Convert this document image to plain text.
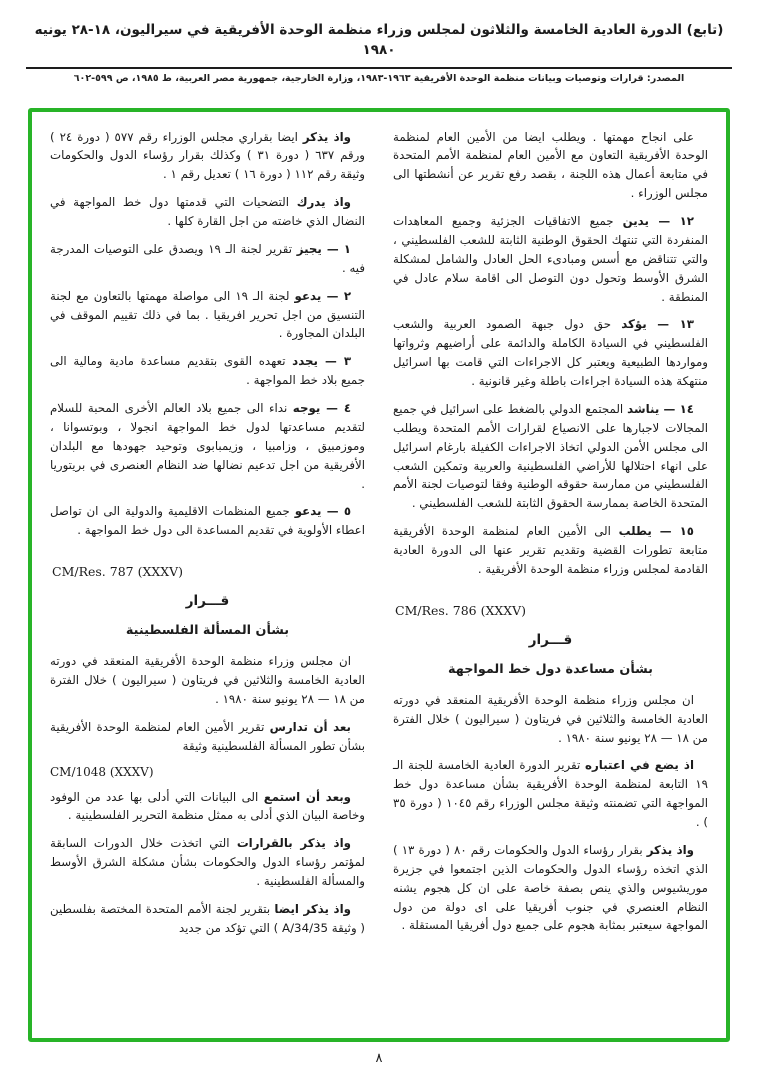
(تابع) الدورة العادية الخامسة والثلاثون لمجلس وزراء منظمة الوحدة الأفريقية في سيراليون، ١٨-٢٨ يونيه ١٩٨٠
المصدر: قرارات وتوصيات وبيانات منظمة الوحدة الأفريقية ١٩٦٣-١٩٨٣، وزارة الخارجية، جمهورية مصر العربية، ط ١٩٨٥، ص ٥٩٩-٦٠٢

على انجاح مهمتها . ويطلب ايضا من الأمين العام لمنظمة الوحدة الأفريقية التعاون مع الأمين العام لمنظمة الأمم المتحدة في متابعة أعمال هذه اللجنة ، بقصد رفع تقرير عن أنشطتها الى مجلس الوزراء .

١٢ — يدين جميع الاتفاقيات الجزئية وجميع المعاهدات المنفردة التي تنتهك الحقوق الوطنية الثابتة للشعب الفلسطيني ، والتي تتناقض مع أسس ومبادىء الحل العادل والشامل لمشكلة الشرق الأوسط وتحول دون التوصل الى اقامة سلام عادل في المنطقة .

١٣ — يؤكد حق دول جبهة الصمود العربية والشعب الفلسطيني في السيادة الكاملة والدائمة على أراضيهم وثرواتها ومواردها الطبيعية ويعتبر كل الاجراءات التي قامت بها اسرائيل منتهكة هذه السيادة اجراءات باطلة وغير قانونية .

١٤ — يناشد المجتمع الدولي بالضغط على اسرائيل في جميع المجالات لاجبارها على الانصياع لقرارات الأمم المتحدة ويطلب الى مجلس الأمن الدولي اتخاذ الاجراءات الكفيلة بارغام اسرائيل على انهاء احتلالها للأراضي الفلسطينية والعربية وتمكين الشعب الفلسطيني من ممارسة حقوقه الوطنية وفقا لتوصيات لجنة الأمم المتحدة الخاصة بممارسة الحقوق الثابتة للشعب الفلسطيني .

١٥ — يطلب الى الأمين العام لمنظمة الوحدة الأفريقية متابعة تطورات القضية وتقديم تقرير عنها الى الدورة العادية القادمة لمجلس وزراء منظمة الوحدة الأفريقية .

CM/Res. 786 (XXXV)

قـــرار
بشأن مساعدة دول خط المواجهة

ان مجلس وزراء منظمة الوحدة الأفريقية المنعقد في دورته العادية الخامسة والثلاثين في فريتاون ( سيراليون ) خلال الفترة من ١٨ — ٢٨ يونيو سنة ١٩٨٠ .

اذ يضع في اعتباره تقرير الدورة العادية الخامسة للجنة الـ ١٩ التابعة لمنظمة الوحدة الأفريقية بشأن مساعدة دول خط المواجهة التي تضمنته وثيقة مجلس الوزراء رقم ١٠٤٥ ( دورة ٣٥ ) .

واذ يذكر بقرار رؤساء الدول والحكومات رقم ٨٠ ( دورة ١٣ ) الذي اتخذه رؤساء الدول والحكومات الذين اجتمعوا في جزيرة موريشيوس والذي ينص بصفة خاصة على ان كل هجوم يشنه النظام العنصري في جنوب أفريقيا على اى دولة من دول المواجهة سيعتبر بمثابة هجوم على جميع دول أفريقيا المستقلة .

واذ يذكر ايضا بقراري مجلس الوزراء رقم ٥٧٧ ( دورة ٢٤ ) ورقم ٦٣٧ ( دورة ٣١ ) وكذلك بقرار رؤساء الدول والحكومات وثيقة رقم ١١٢ ( دورة ١٦ ) تعديل رقم ١ .

واذ يدرك التضحيات التي قدمتها دول خط المواجهة في النضال الذي خاضته من اجل القارة كلها .

١ — يجيز تقرير لجنة الـ ١٩ ويصدق على التوصيات المدرجة فيه .

٢ — يدعو لجنة الـ ١٩ الى مواصلة مهمتها بالتعاون مع لجنة التنسيق من اجل تحرير افريقيا . بما في ذلك تقييم الموقف في البلدان المجاورة .

٣ — يجدد تعهده القوى بتقديم مساعدة مادية ومالية الى جميع بلاد خط المواجهة .

٤ — يوجه نداء الى جميع بلاد العالم الأخرى المحبة للسلام لتقديم مساعدتها لدول خط المواجهة انجولا ، وبوتسوانا ، وموزمبيق ، وزامبيا ، وزيمبابوى وتوحيد جهودها مع البلدان الأفريقية من اجل تدعيم نضالها ضد النظام العنصرى في بريتوريا .

٥ — يدعو جميع المنظمات الاقليمية والدولية الى ان تواصل اعطاء الأولوية في تقديم المساعدة الى دول خط المواجهة .

CM/Res. 787 (XXXV)

قـــرار
بشأن المسألة الفلسطينية

ان مجلس وزراء منظمة الوحدة الأفريقية المنعقد في دورته العادية الخامسة والثلاثين في فريتاون ( سيراليون ) خلال الفترة من ١٨ — ٢٨ يونيو سنة ١٩٨٠ .

بعد أن تدارس تقرير الأمين العام لمنظمة الوحدة الأفريقية بشأن تطور المسألة الفلسطينية وثيقة

CM/1048 (XXXV)

وبعد أن استمع الى البيانات التي أدلى بها عدد من الوفود وخاصة البيان الذي أدلى به ممثل منظمة التحرير الفلسطينية .

واذ يذكر بالقرارات التي اتخذت خلال الدورات السابقة لمؤتمر رؤساء الدول والحكومات بشأن مشكلة الشرق الأوسط والمسألة الفلسطينية .

واذ يذكر ايضا بتقرير لجنة الأمم المتحدة المختصة بفلسطين ( وثيقة A/34/35 ) التي تؤكد من جديد

٨
